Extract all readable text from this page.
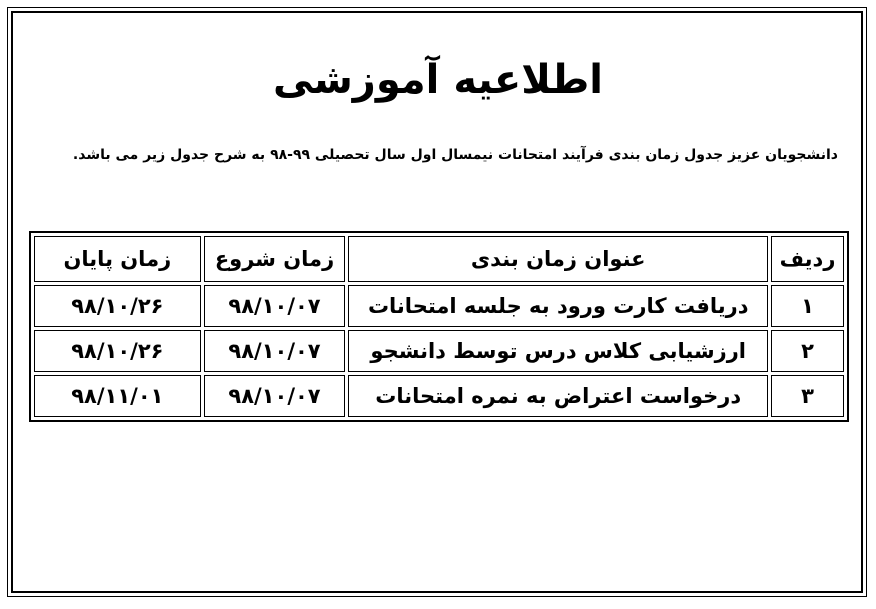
اطلاعیه آموزشی
دانشجویان عزیز جدول زمان بندی فرآیند امتحانات نیمسال اول سال تحصیلی ۹۹-۹۸ به شرح جدول زیر می باشد.
ردیف	عنوان زمان بندی	زمان شروع	زمان پایان
۱	دریافت کارت ورود به جلسه امتحانات	۹۸/۱۰/۰۷	۹۸/۱۰/۲۶
۲	ارزشیابی کلاس درس توسط دانشجو	۹۸/۱۰/۰۷	۹۸/۱۰/۲۶
۳	درخواست اعتراض به نمره امتحانات	۹۸/۱۰/۰۷	۹۸/۱۱/۰۱
